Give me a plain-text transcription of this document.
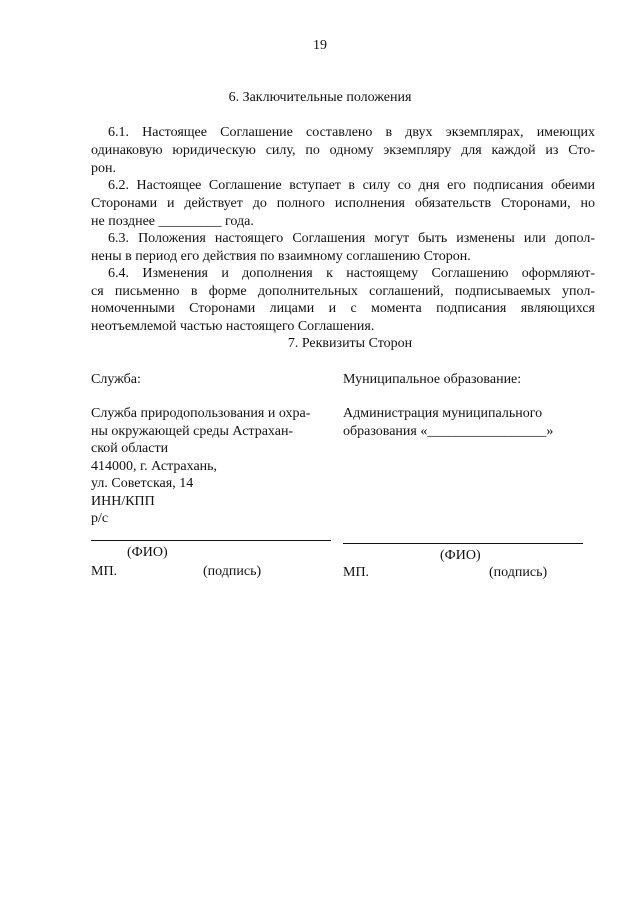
19
6. Заключительные положения
6.1. Настоящее Соглашение составлено в двух экземплярах, имеющих
одинаковую юридическую силу, по одному экземпляру для каждой из Сто-
рон.
6.2. Настоящее Соглашение вступает в силу со дня его подписания обеими
Сторонами и действует до полного исполнения обязательств Сторонами, но
не позднее _________ года.
6.3. Положения настоящего Соглашения могут быть изменены или допол-
нены в период его действия по взаимному соглашению Сторон.
6.4. Изменения и дополнения к настоящему Соглашению оформляют-
ся письменно в форме дополнительных соглашений, подписываемых упол-
номоченными Сторонами лицами и с момента подписания являющихся
неотъемлемой частью настоящего Соглашения.
7. Реквизиты Сторон
Служба:
Служба природопользования и охра-
ны окружающей среды Астрахан-
ской области
414000, г. Астрахань,
ул. Советская, 14
ИНН/КПП
р/с
(ФИО)
МП.	(подпись)
Муниципальное образование:
Администрация муниципального
образования «_________________»
(ФИО)
МП.	(подпись)
